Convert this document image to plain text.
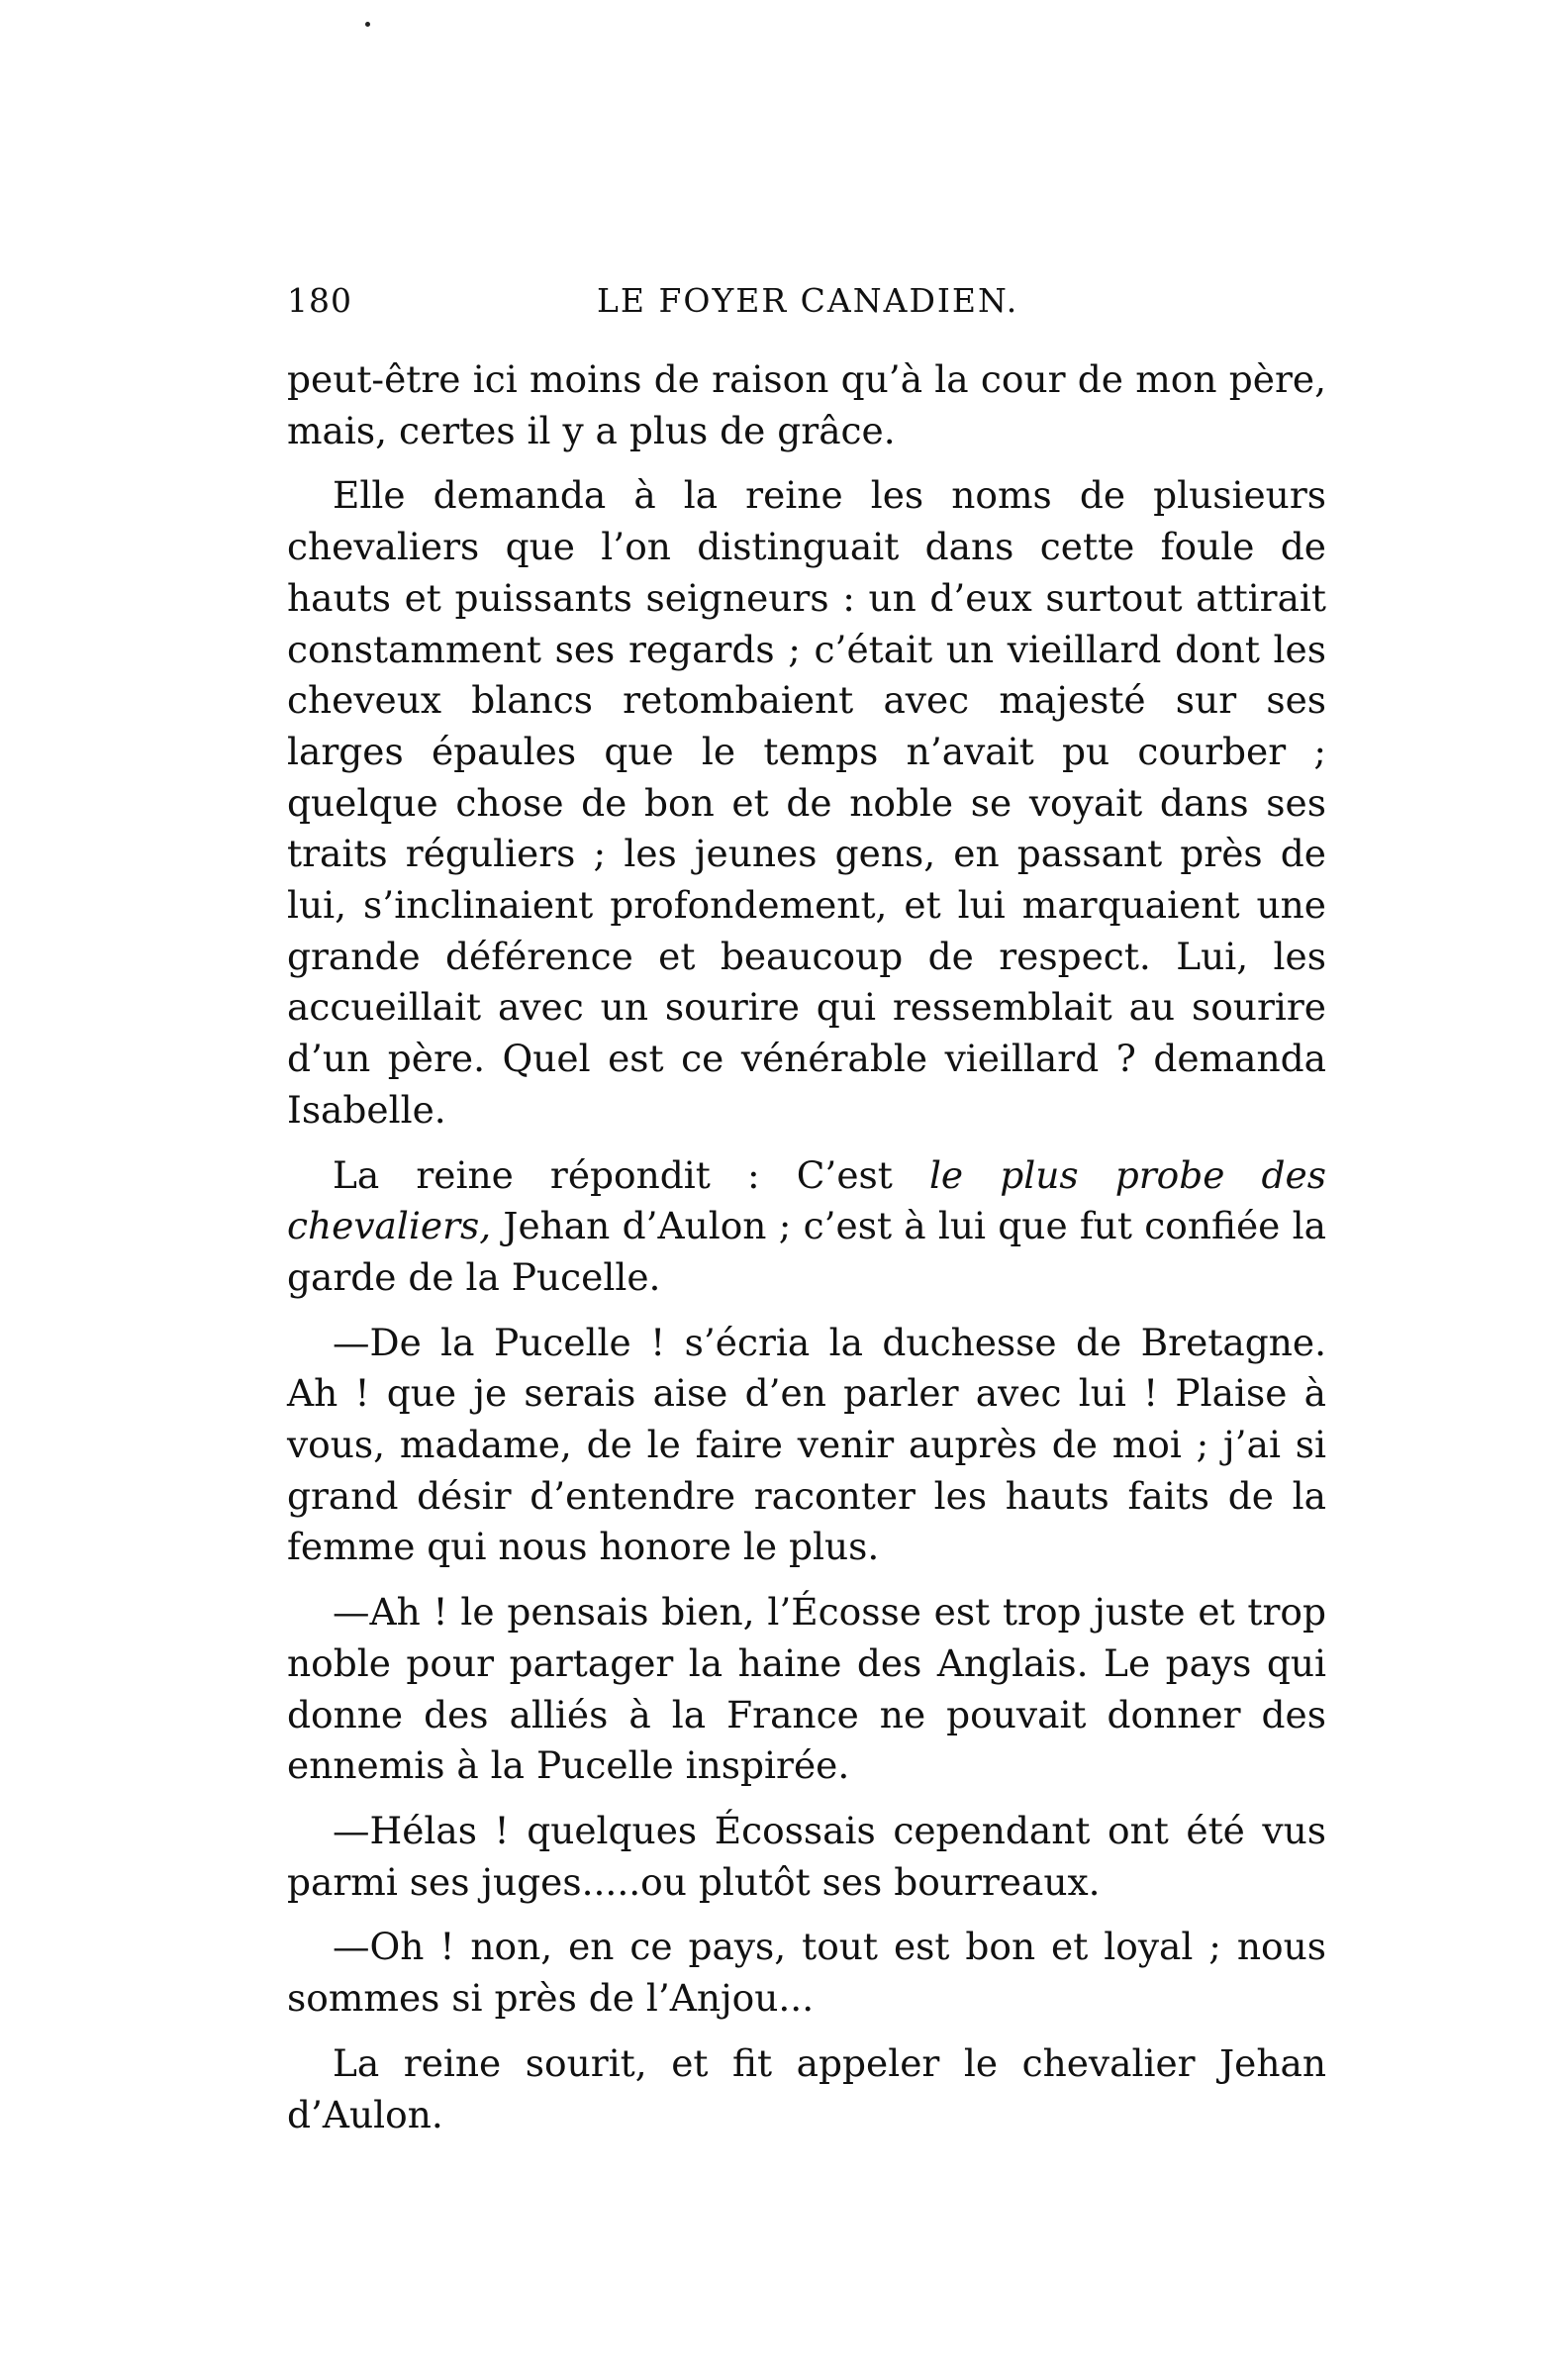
180	LE FOYER CANADIEN.

peut-être ici moins de raison qu’à la cour de mon père, mais, certes il y a plus de grâce.

Elle demanda à la reine les noms de plusieurs chevaliers que l’on distinguait dans cette foule de hauts et puissants seigneurs : un d’eux surtout attirait constamment ses regards ; c’était un vieillard dont les cheveux blancs retombaient avec majesté sur ses larges épaules que le temps n’avait pu courber ; quelque chose de bon et de noble se voyait dans ses traits réguliers ; les jeunes gens, en passant près de lui, s’inclinaient profondement, et lui marquaient une grande déférence et beaucoup de respect. Lui, les accueillait avec un sourire qui ressemblait au sourire d’un père. Quel est ce vénérable vieillard ? demanda Isabelle.

La reine répondit : C’est le plus probe des chevaliers, Jehan d’Aulon ; c’est à lui que fut confiée la garde de la Pucelle.

—De la Pucelle ! s’écria la duchesse de Bretagne. Ah ! que je serais aise d’en parler avec lui ! Plaise à vous, madame, de le faire venir auprès de moi ; j’ai si grand désir d’entendre raconter les hauts faits de la femme qui nous honore le plus.

—Ah ! le pensais bien, l’Écosse est trop juste et trop noble pour partager la haine des Anglais. Le pays qui donne des alliés à la France ne pouvait donner des ennemis à la Pucelle inspirée.

—Hélas ! quelques Écossais cependant ont été vus parmi ses juges.....ou plutôt ses bourreaux.

—Oh ! non, en ce pays, tout est bon et loyal ; nous sommes si près de l’Anjou...

La reine sourit, et fit appeler le chevalier Jehan d’Aulon.
